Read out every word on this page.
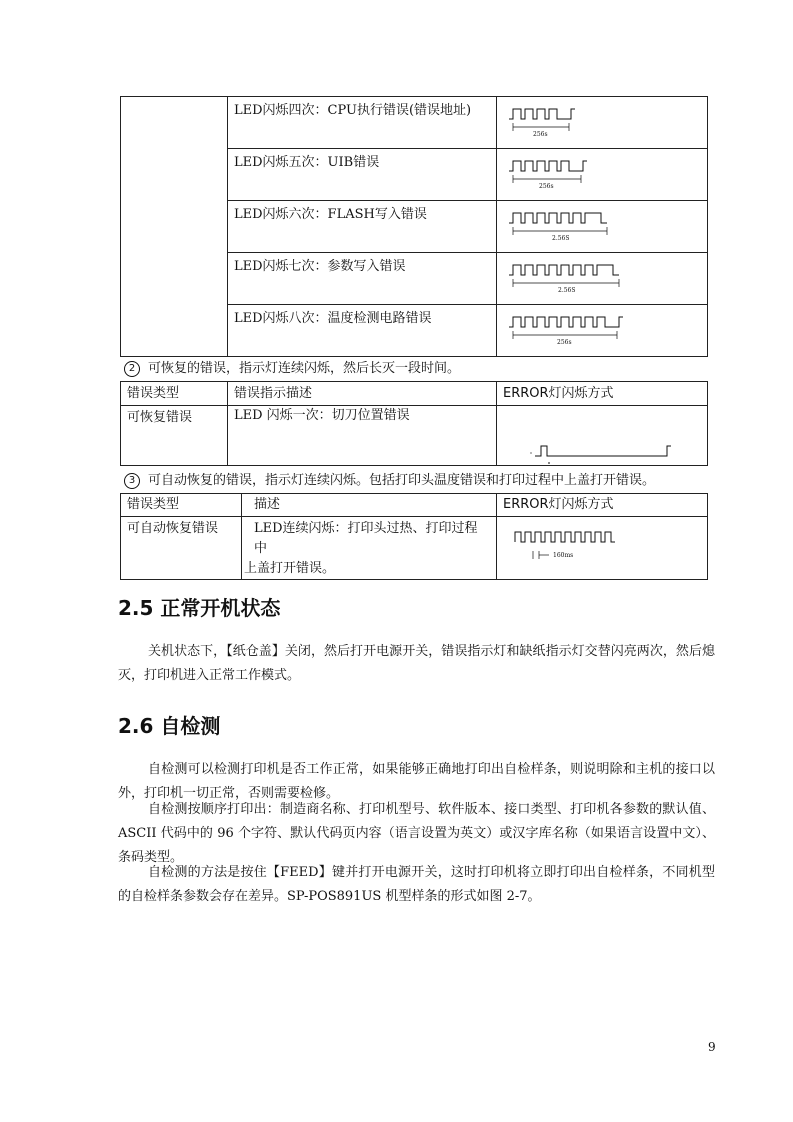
	LED闪烁四次：CPU执行错误(错误地址)	256s

	LED闪烁五次：UIB错误	256s

	LED闪烁六次：FLASH写入错误	2.56S

	LED闪烁七次：参数写入错误	2.56S

	LED闪烁八次：温度检测电路错误	256s
2 可恢复的错误，指示灯连续闪烁，然后长灭一段时间。
错误类型	错误指示描述	ERROR灯闪烁方式

可恢复错误	LED 闪烁一次：切刀位置错误

3 可自动恢复的错误，指示灯连续闪烁。包括打印头温度错误和打印过程中上盖打开错误。
错误类型	描述	ERROR灯闪烁方式

可自动恢复错误	LED连续闪烁：打印头过热、打印过程中
上盖打开错误。	160ms
2.5 正常开机状态

关机状态下，【纸仓盖】关闭，然后打开电源开关，错误指示灯和缺纸指示灯交替闪亮两次，然后熄灭，打印机进入正常工作模式。

2.6 自检测

自检测可以检测打印机是否工作正常，如果能够正确地打印出自检样条，则说明除和主机的接口以外，打印机一切正常，否则需要检修。

自检测按顺序打印出：制造商名称、打印机型号、软件版本、接口类型、打印机各参数的默认值、ASCII 代码中的 96 个字符、默认代码页内容（语言设置为英文）或汉字库名称（如果语言设置中文）、条码类型。

自检测的方法是按住【FEED】键并打开电源开关，这时打印机将立即打印出自检样条，不同机型的自检样条参数会存在差异。SP-POS891US 机型样条的形式如图 2-7。

9
